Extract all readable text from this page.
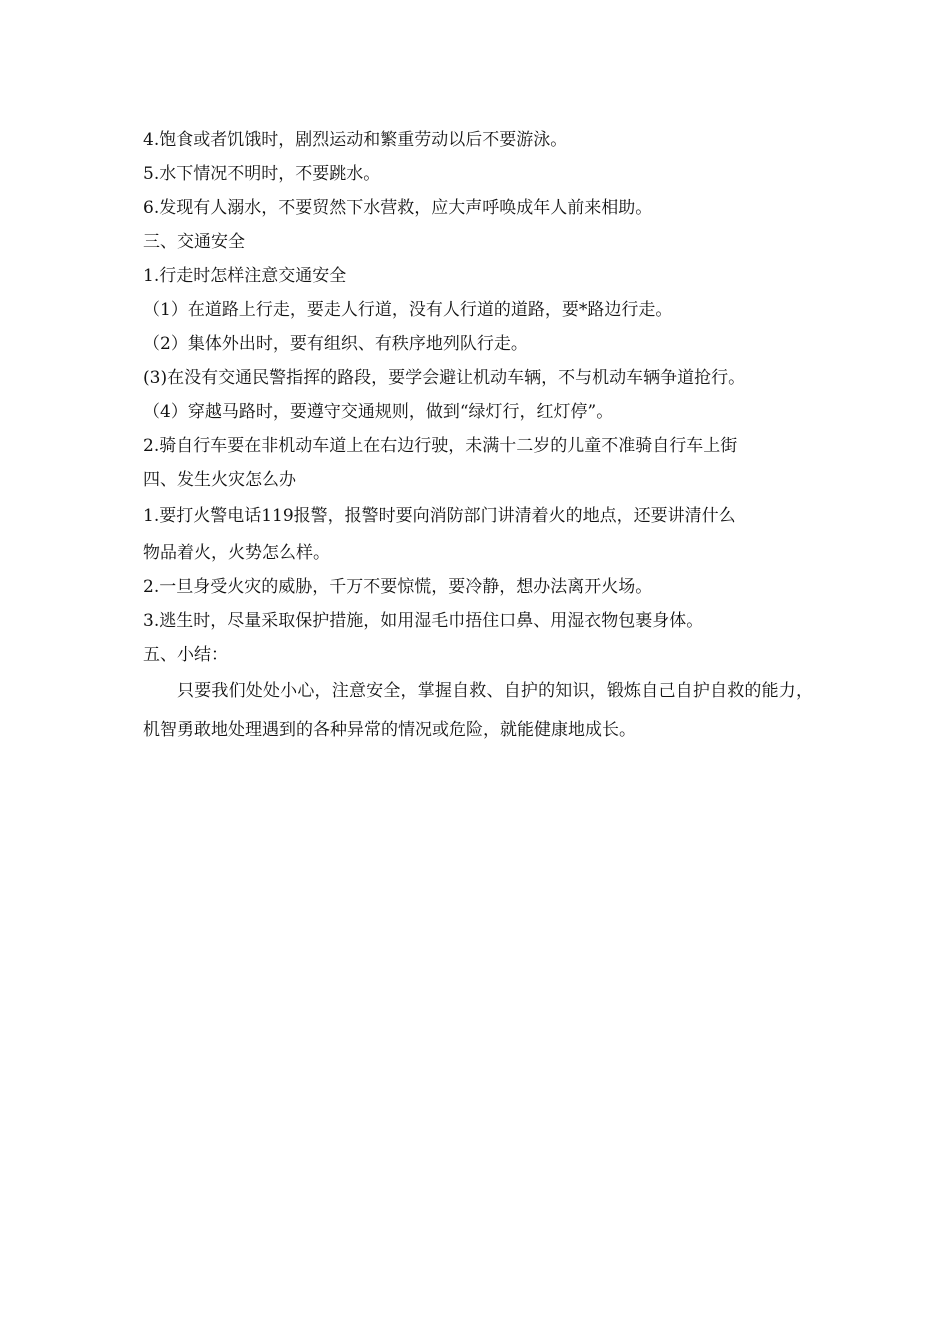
4.饱食或者饥饿时，剧烈运动和繁重劳动以后不要游泳。
5.水下情况不明时，不要跳水。
6.发现有人溺水，不要贸然下水营救，应大声呼唤成年人前来相助。
三、交通安全
1.行走时怎样注意交通安全
（1）在道路上行走，要走人行道，没有人行道的道路，要*路边行走。
（2）集体外出时，要有组织、有秩序地列队行走。
(3)在没有交通民警指挥的路段，要学会避让机动车辆，不与机动车辆争道抢行。
（4）穿越马路时，要遵守交通规则，做到“绿灯行，红灯停”。
2.骑自行车要在非机动车道上在右边行驶，未满十二岁的儿童不准骑自行车上街
四、发生火灾怎么办
1.要打火警电话119报警，报警时要向消防部门讲清着火的地点，还要讲清什么
物品着火，火势怎么样。
2.一旦身受火灾的威胁，千万不要惊慌，要冷静，想办法离开火场。
3.逃生时，尽量采取保护措施，如用湿毛巾捂住口鼻、用湿衣物包裹身体。
五、小结：
只要我们处处小心，注意安全，掌握自救、自护的知识，锻炼自己自护自救的能力，机智勇敢地处理遇到的各种异常的情况或危险，就能健康地成长。
